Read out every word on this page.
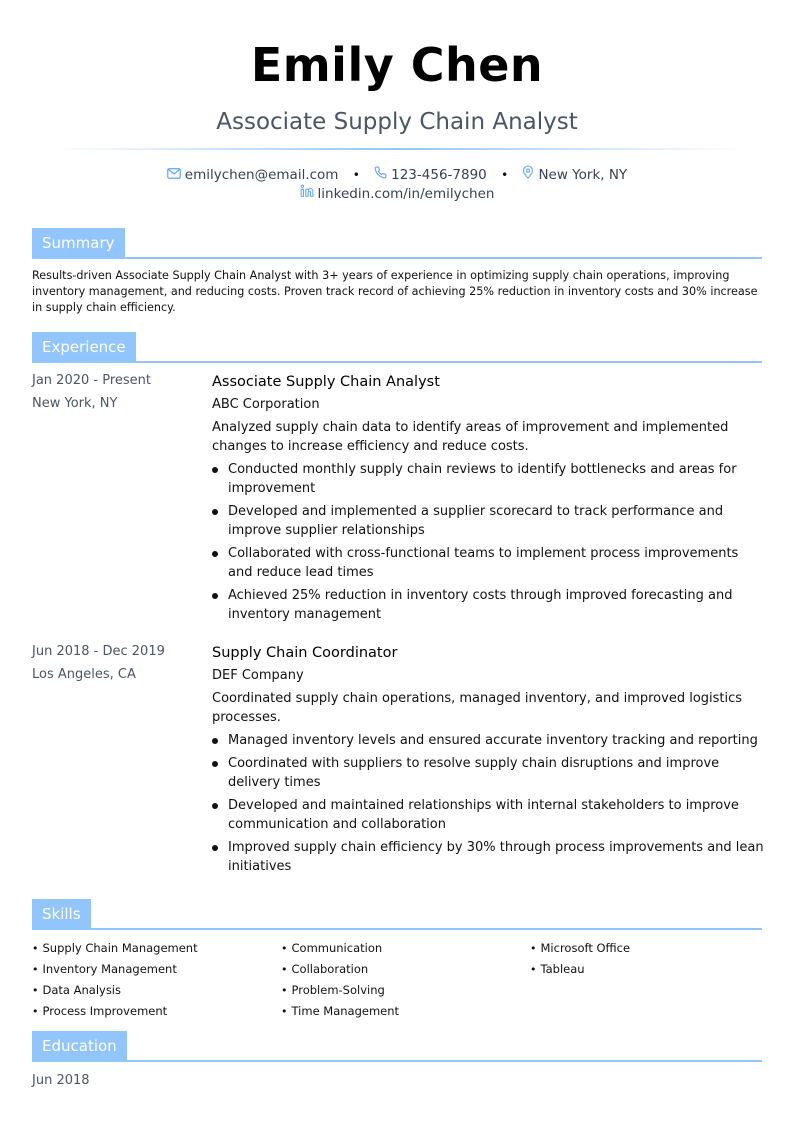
Emily Chen
Associate Supply Chain Analyst
emilychen@email.com • 123-456-7890 • New York, NY
linkedin.com/in/emilychen
Summary
Results-driven Associate Supply Chain Analyst with 3+ years of experience in optimizing supply chain operations, improving inventory management, and reducing costs. Proven track record of achieving 25% reduction in inventory costs and 30% increase in supply chain efficiency.
Experience
Jan 2020 - Present
New York, NY
Associate Supply Chain Analyst
ABC Corporation
Analyzed supply chain data to identify areas of improvement and implemented changes to increase efficiency and reduce costs.
Conducted monthly supply chain reviews to identify bottlenecks and areas for improvement
Developed and implemented a supplier scorecard to track performance and improve supplier relationships
Collaborated with cross-functional teams to implement process improvements and reduce lead times
Achieved 25% reduction in inventory costs through improved forecasting and inventory management
Jun 2018 - Dec 2019
Los Angeles, CA
Supply Chain Coordinator
DEF Company
Coordinated supply chain operations, managed inventory, and improved logistics processes.
Managed inventory levels and ensured accurate inventory tracking and reporting
Coordinated with suppliers to resolve supply chain disruptions and improve delivery times
Developed and maintained relationships with internal stakeholders to improve communication and collaboration
Improved supply chain efficiency by 30% through process improvements and lean initiatives
Skills
• Supply Chain Management
• Inventory Management
• Data Analysis
• Process Improvement
• Communication
• Collaboration
• Problem-Solving
• Time Management
• Microsoft Office
• Tableau
Education
Jun 2018
